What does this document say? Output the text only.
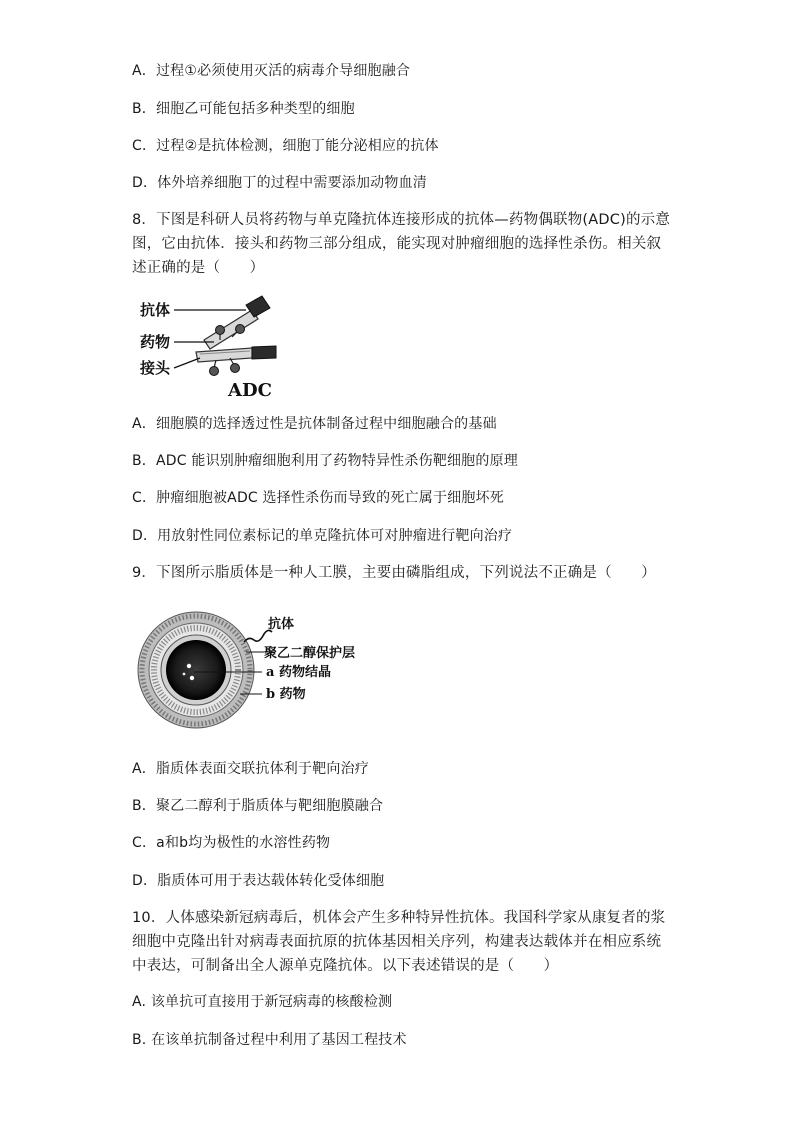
A．过程①必须使用灭活的病毒介导细胞融合
B．细胞乙可能包括多种类型的细胞
C．过程②是抗体检测，细胞丁能分泌相应的抗体
D．体外培养细胞丁的过程中需要添加动物血清
8．下图是科研人员将药物与单克隆抗体连接形成的抗体—药物偶联物(ADC)的示意
图，它由抗体．接头和药物三部分组成，能实现对肿瘤细胞的选择性杀伤。相关叙
述正确的是（　　）
抗体
药物
接头
ADC
A．细胞膜的选择透过性是抗体制备过程中细胞融合的基础
B．ADC 能识别肿瘤细胞利用了药物特异性杀伤靶细胞的原理
C．肿瘤细胞被ADC 选择性杀伤而导致的死亡属于细胞坏死
D．用放射性同位素标记的单克隆抗体可对肿瘤进行靶向治疗
9．下图所示脂质体是一种人工膜，主要由磷脂组成，下列说法不正确是（　　）
抗体
聚乙二醇保护层
a 药物结晶
b 药物
A．脂质体表面交联抗体利于靶向治疗
B．聚乙二醇利于脂质体与靶细胞膜融合
C．a和b均为极性的水溶性药物
D．脂质体可用于表达载体转化受体细胞
10．人体感染新冠病毒后，机体会产生多种特异性抗体。我国科学家从康复者的浆
细胞中克隆出针对病毒表面抗原的抗体基因相关序列，构建表达载体并在相应系统
中表达，可制备出全人源单克隆抗体。以下表述错误的是（　　）
A. 该单抗可直接用于新冠病毒的核酸检测
B. 在该单抗制备过程中利用了基因工程技术
